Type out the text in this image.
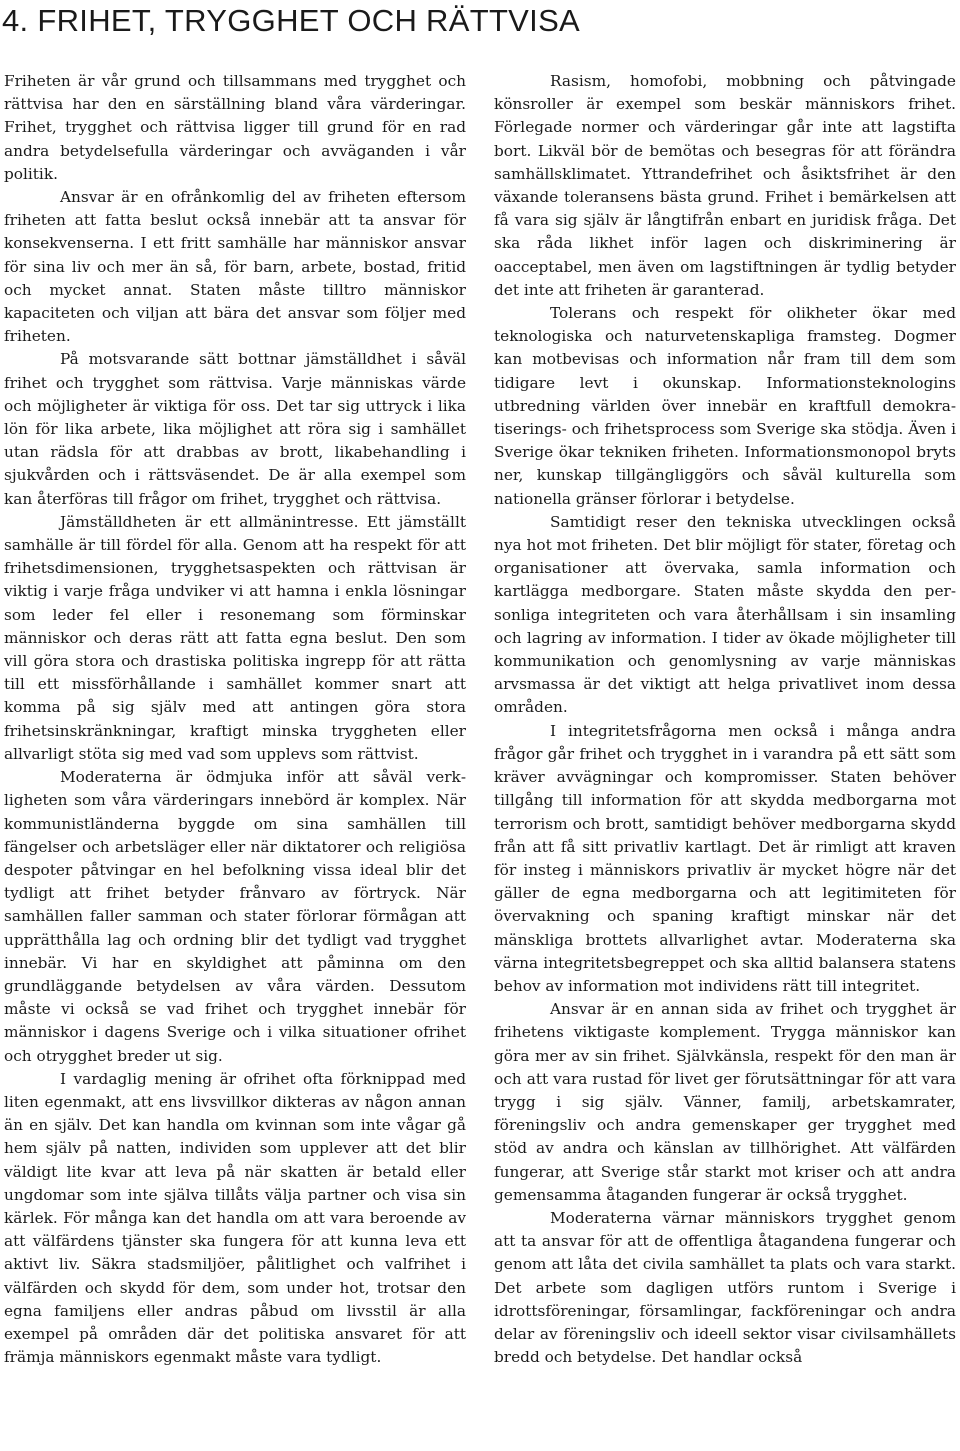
4. FRIHET, TRYGGHET OCH RÄTTVISA

Friheten är vår grund och tillsammans med trygghet och rättvisa har den en särställning bland våra värderingar. Frihet, trygghet och rättvisa ligger till grund för en rad andra betydelsefulla värderingar och avväganden i vår politik.

Ansvar är en ofrånkomlig del av friheten eftersom friheten att fatta beslut också innebär att ta ansvar för konsekvenserna. I ett fritt samhälle har människor ansvar för sina liv och mer än så, för barn, arbete, bostad, fritid och mycket annat. Staten måste tilltro människor kapaciteten och viljan att bära det ansvar som följer med friheten.

På motsvarande sätt bottnar jämställdhet i såväl frihet och trygghet som rättvisa. Varje människas värde och möjligheter är viktiga för oss. Det tar sig uttryck i lika lön för lika arbete, lika möjlighet att röra sig i samhället utan rädsla för att drabbas av brott, likabehandling i sjukvården och i rättsväsendet. De är alla exempel som kan återföras till frågor om frihet, trygghet och rättvisa.

Jämställdheten är ett allmänintresse. Ett jämställt samhälle är till fördel för alla. Genom att ha respekt för att frihetsdimensionen, trygghetsaspekten och rättvisan är viktig i varje fråga undviker vi att hamna i enkla lösningar som leder fel eller i resonemang som förminskar människor och deras rätt att fatta egna beslut. Den som vill göra stora och drastiska politiska ingrepp för att rätta till ett missförhållande i samhället kommer snart att komma på sig själv med att antingen göra stora frihetsinskränkningar, kraftigt minska tryggheten eller allvarligt stöta sig med vad som upplevs som rättvist.

Moderaterna är ödmjuka inför att såväl verkligheten som våra värderingars innebörd är komplex. När kommunistländerna byggde om sina samhällen till fängelser och arbetsläger eller när diktatorer och religiösa despoter påtvingar en hel befolkning vissa ideal blir det tydligt att frihet betyder frånvaro av förtryck. När samhällen faller samman och stater förlorar förmågan att upprätthålla lag och ordning blir det tydligt vad trygghet innebär. Vi har en skyldighet att påminna om den grundläggande betydelsen av våra värden. Dessutom måste vi också se vad frihet och trygghet innebär för människor i dagens Sverige och i vilka situationer ofrihet och otrygghet breder ut sig.

I vardaglig mening är ofrihet ofta förknippad med liten egenmakt, att ens livsvillkor dikteras av någon annan än en själv. Det kan handla om kvinnan som inte vågar gå hem själv på natten, individen som upplever att det blir väldigt lite kvar att leva på när skatten är betald eller ungdomar som inte själva tillåts välja partner och visa sin kärlek. För många kan det handla om att vara beroende av att välfärdens tjänster ska fungera för att kunna leva ett aktivt liv. Säkra stadsmiljöer, pålitlighet och valfrihet i välfärden och skydd för dem, som under hot, trotsar den egna familjens eller andras påbud om livsstil är alla exempel på områden där det politiska ansvaret för att främja människors egenmakt måste vara tydligt.

Rasism, homofobi, mobbning och påtvingade könsroller är exempel som beskär människors frihet. Förlegade normer och värderingar går inte att lagstifta bort. Likväl bör de bemötas och besegras för att förändra samhällsklimatet. Yttrandefrihet och åsiktsfrihet är den växande toleransens bästa grund. Frihet i bemärkelsen att få vara sig själv är långtifrån enbart en juridisk fråga. Det ska råda likhet inför lagen och diskriminering är oacceptabel, men även om lagstiftningen är tydlig betyder det inte att friheten är garanterad.

Tolerans och respekt för olikheter ökar med teknologiska och naturvetenskapliga framsteg. Dogmer kan motbevisas och information når fram till dem som tidigare levt i okunskap. Informationsteknologins utbredning världen över innebär en kraftfull demokratiserings- och frihetsprocess som Sverige ska stödja. Även i Sverige ökar tekniken friheten. Informationsmonopol bryts ner, kunskap tillgängliggörs och såväl kulturella som nationella gränser förlorar i betydelse.

Samtidigt reser den tekniska utvecklingen också nya hot mot friheten. Det blir möjligt för stater, företag och organisationer att övervaka, samla information och kartlägga medborgare. Staten måste skydda den personliga integriteten och vara återhållsam i sin insamling och lagring av information. I tider av ökade möjligheter till kommunikation och genomlysning av varje människas arvsmassa är det viktigt att helga privatlivet inom dessa områden.

I integritetsfrågorna men också i många andra frågor går frihet och trygghet in i varandra på ett sätt som kräver avvägningar och kompromisser. Staten behöver tillgång till information för att skydda medborgarna mot terrorism och brott, samtidigt behöver medborgarna skydd från att få sitt privatliv kartlagt. Det är rimligt att kraven för insteg i människors privatliv är mycket högre när det gäller de egna medborgarna och att legitimiteten för övervakning och spaning kraftigt minskar när det mänskliga brottets allvarlighet avtar. Moderaterna ska värna integritetsbegreppet och ska alltid balansera statens behov av information mot individens rätt till integritet.

Ansvar är en annan sida av frihet och trygghet är frihetens viktigaste komplement. Trygga människor kan göra mer av sin frihet. Självkänsla, respekt för den man är och att vara rustad för livet ger förutsättningar för att vara trygg i sig själv. Vänner, familj, arbetskamrater, föreningsliv och andra gemenskaper ger trygghet med stöd av andra och känslan av tillhörighet. Att välfärden fungerar, att Sverige står starkt mot kriser och att andra gemensamma åtaganden fungerar är också trygghet.

Moderaterna värnar människors trygghet genom att ta ansvar för att de offentliga åtagandena fungerar och genom att låta det civila samhället ta plats och vara starkt. Det arbete som dagligen utförs runtom i Sverige i idrottsföreningar, församlingar, fackföreningar och andra delar av föreningsliv och ideell sektor visar civilsamhällets bredd och betydelse. Det handlar också
